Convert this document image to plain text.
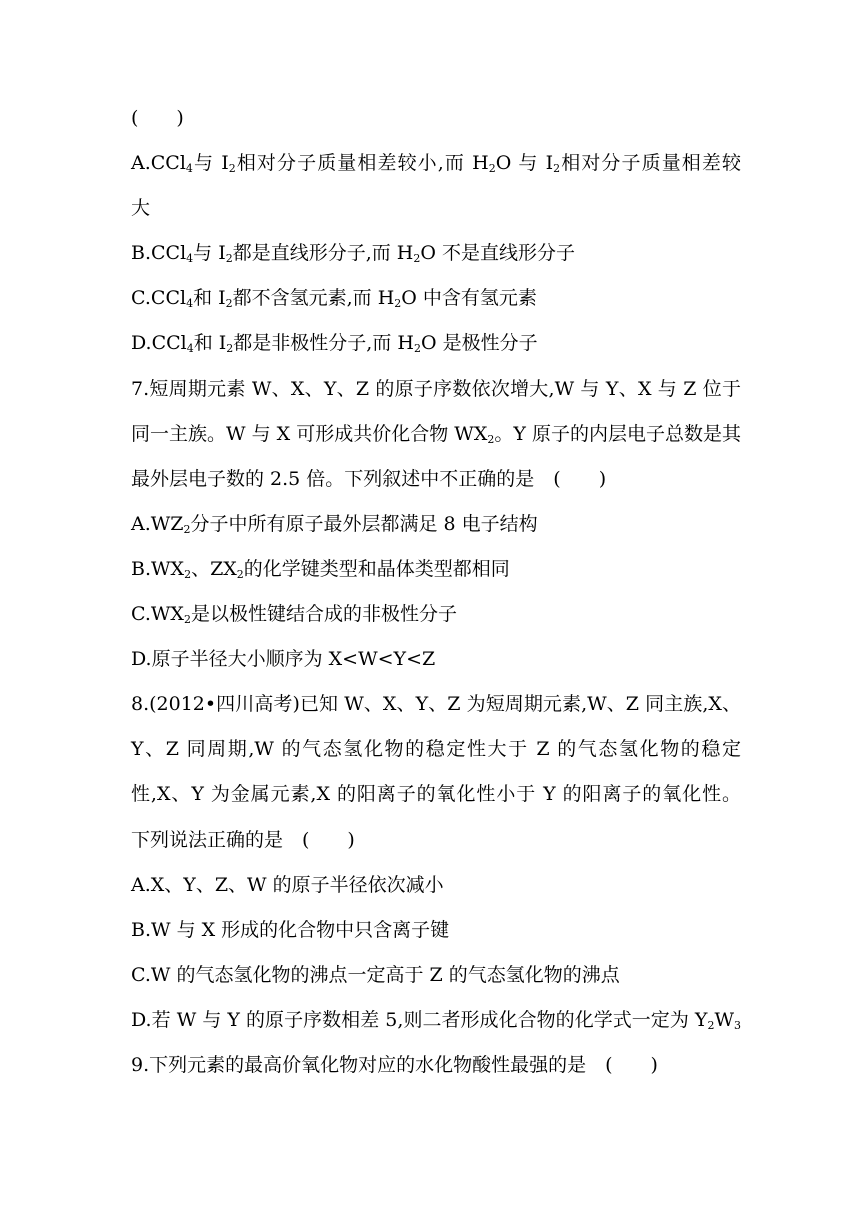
(　　)
A.CCl$_4$与 $I_2$相对分子质量相差较小,而 $H_2O$ 与 $I_2$相对分子质量相差较
大
B.CCl$_4$与 $I_2$都是直线形分子,而 $H_2O$ 不是直线形分子
C.CCl$_4$和 $I_2$都不含氢元素,而 $H_2O$ 中含有氢元素
D.CCl$_4$和 $I_2$都是非极性分子,而 $H_2O$ 是极性分子
7.短周期元素 W、X、Y、Z 的原子序数依次增大,W 与 Y、X 与 Z 位于
同一主族。W 与 X 可形成共价化合物 $WX_2$。Y 原子的内层电子总数是其
最外层电子数的 2.5 倍。下列叙述中不正确的是　(　　)
$A.WZ_2$分子中所有原子最外层都满足 8 电子结构
$B.WX_2$、$ZX_2$的化学键类型和晶体类型都相同
$C.WX_2$是以极性键结合成的非极性分子
D.原子半径大小顺序为 X<W<Y<Z
8.(2012•四川高考)已知 W、X、Y、Z 为短周期元素,W、Z 同主族,X、
Y、Z 同周期,W 的气态氢化物的稳定性大于 Z 的气态氢化物的稳定
性,X、Y 为金属元素,X 的阳离子的氧化性小于 Y 的阳离子的氧化性。
下列说法正确的是　(　　)
A.X、Y、Z、W 的原子半径依次减小
B.W 与 X 形成的化合物中只含离子键
C.W 的气态氢化物的沸点一定高于 Z 的气态氢化物的沸点
D.若 W 与 Y 的原子序数相差 5,则二者形成化合物的化学式一定为 $Y_2W_3$
9.下列元素的最高价氧化物对应的水化物酸性最强的是　(　　)
